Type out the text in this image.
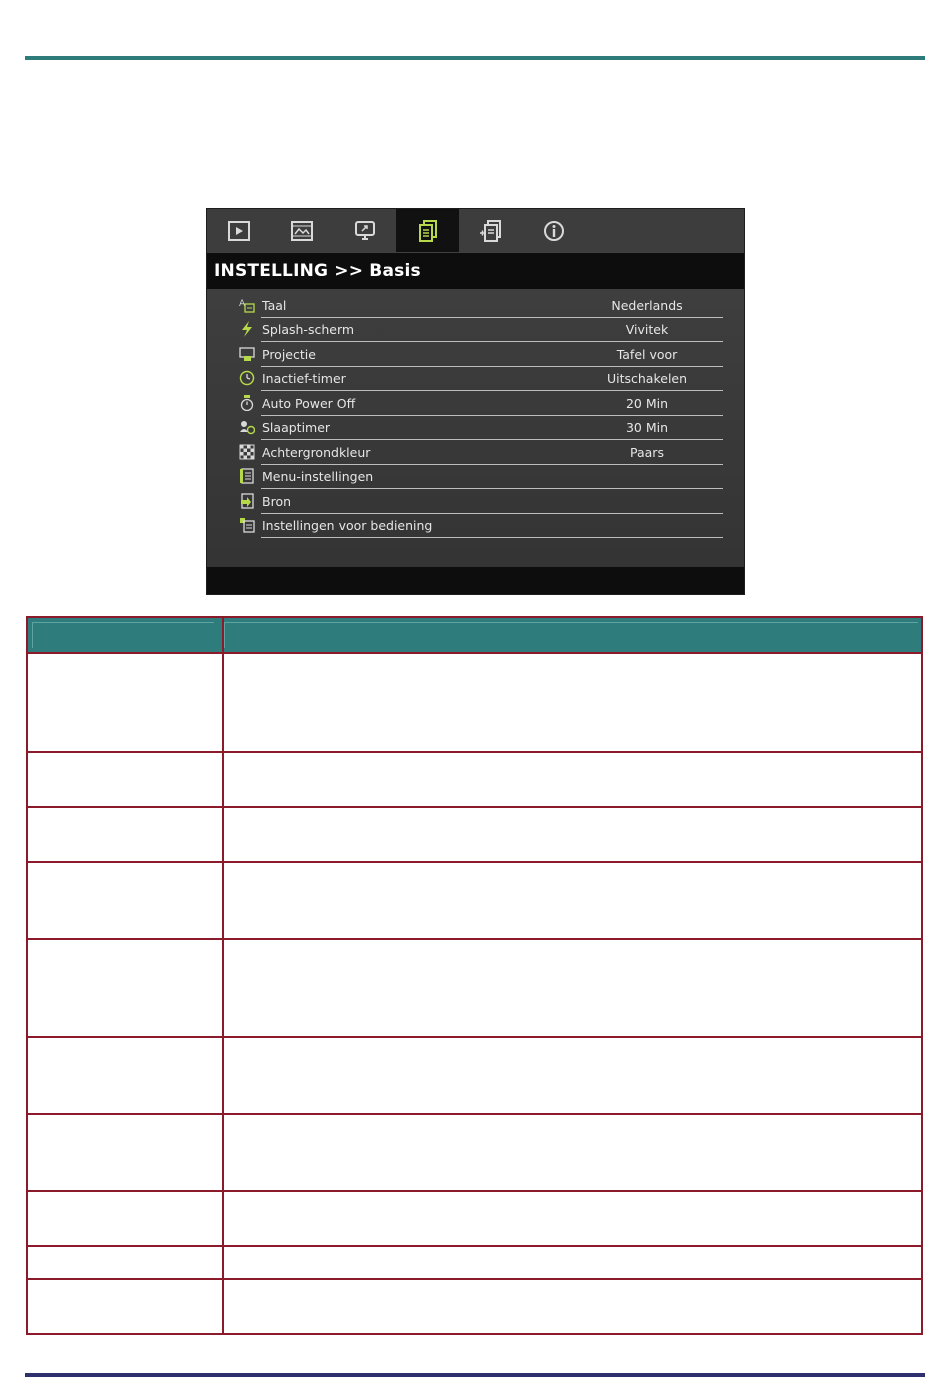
INSTELLING >> Basis
A Taal	Nederlands
Splash-scherm	Vivitek
Projectie	Tafel voor
Inactief-timer	Uitschakelen
Auto Power Off	20 Min
Slaaptimer	30 Min
Achtergrondkleur	Paars
Menu-instellingen
Bron
Instellingen voor bediening
